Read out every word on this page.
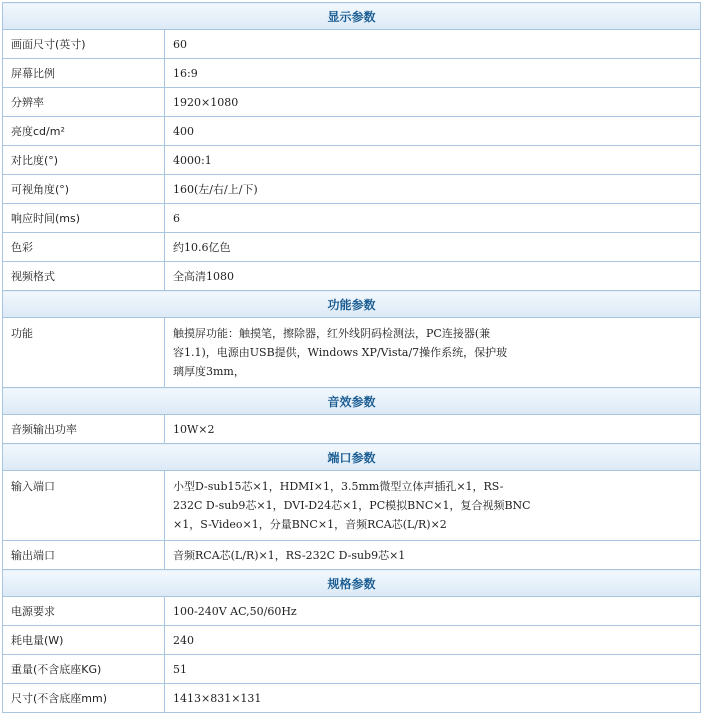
显示参数	
画面尺寸(英寸)	60
屏幕比例	16:9
分辨率	1920×1080
亮度cd/m²	400
对比度(°)	4000:1
可视角度(°)	160(左/右/上/下)
响应时间(ms)	6
色彩	约10.6亿色
视频格式	全高清1080
功能参数	
功能	触摸屏功能：触摸笔，擦除器，红外线阴码检测法，PC连接器(兼
容1.1)，电源由USB提供，Windows XP/Vista/7操作系统，保护玻
璃厚度3mm，

音效参数	
音频输出功率	10W×2
端口参数	
输入端口	小型D-sub15芯×1，HDMI×1，3.5mm微型立体声插孔×1，RS-
232C D-sub9芯×1，DVI-D24芯×1，PC模拟BNC×1，复合视频BNC
×1，S-Video×1，分量BNC×1，音频RCA芯(L/R)×2

输出端口	音频RCA芯(L/R)×1，RS-232C D-sub9芯×1
规格参数	
电源要求	100-240V AC,50/60Hz
耗电量(W)	240
重量(不含底座KG)	51
尺寸(不含底座mm)	1413×831×131
